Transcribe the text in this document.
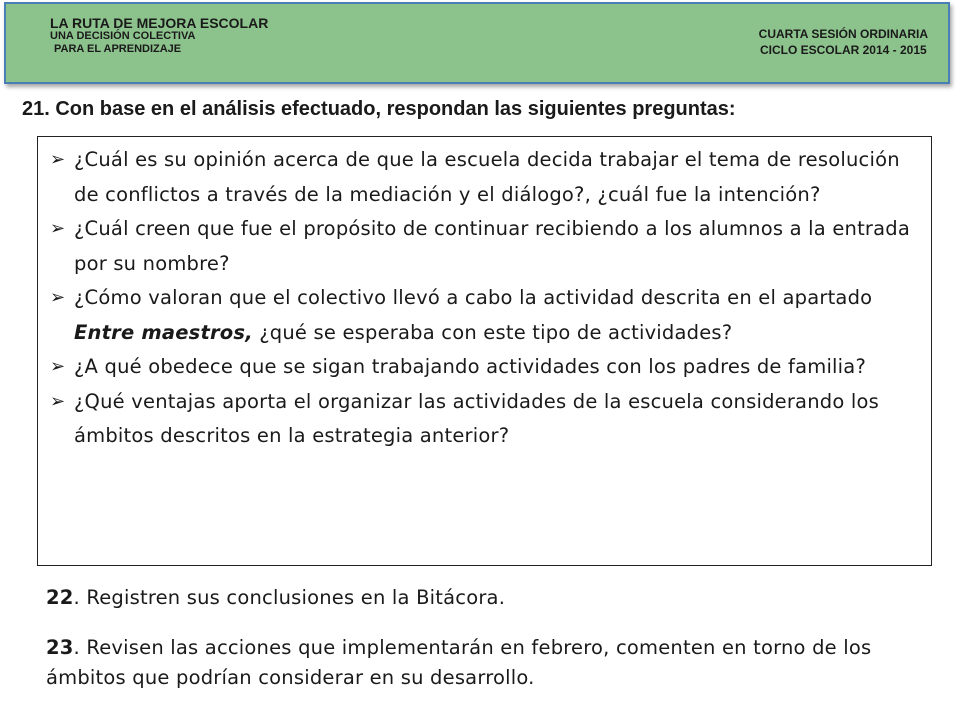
LA RUTA DE MEJORA ESCOLAR
UNA DECISIÓN COLECTIVA
PARA EL APRENDIZAJE
CUARTA SESIÓN ORDINARIA
CICLO ESCOLAR 2014 - 2015
21. Con base en el análisis efectuado, respondan las siguientes preguntas:
➢ ¿Cuál es su opinión acerca de que la escuela decida trabajar el tema de resolución de conflictos a través de la mediación y el diálogo?, ¿cuál fue la intención?
➢ ¿Cuál creen que fue el propósito de continuar recibiendo a los alumnos a la entrada por su nombre?
➢ ¿Cómo valoran que el colectivo llevó a cabo la actividad descrita en el apartado Entre maestros, ¿qué se esperaba con este tipo de actividades?
➢ ¿A qué obedece que se sigan trabajando actividades con los padres de familia?
➢ ¿Qué ventajas aporta el organizar las actividades de la escuela considerando los ámbitos descritos en la estrategia anterior?
22. Registren sus conclusiones en la Bitácora.
23. Revisen las acciones que implementarán en febrero, comenten en torno de los ámbitos que podrían considerar en su desarrollo.
